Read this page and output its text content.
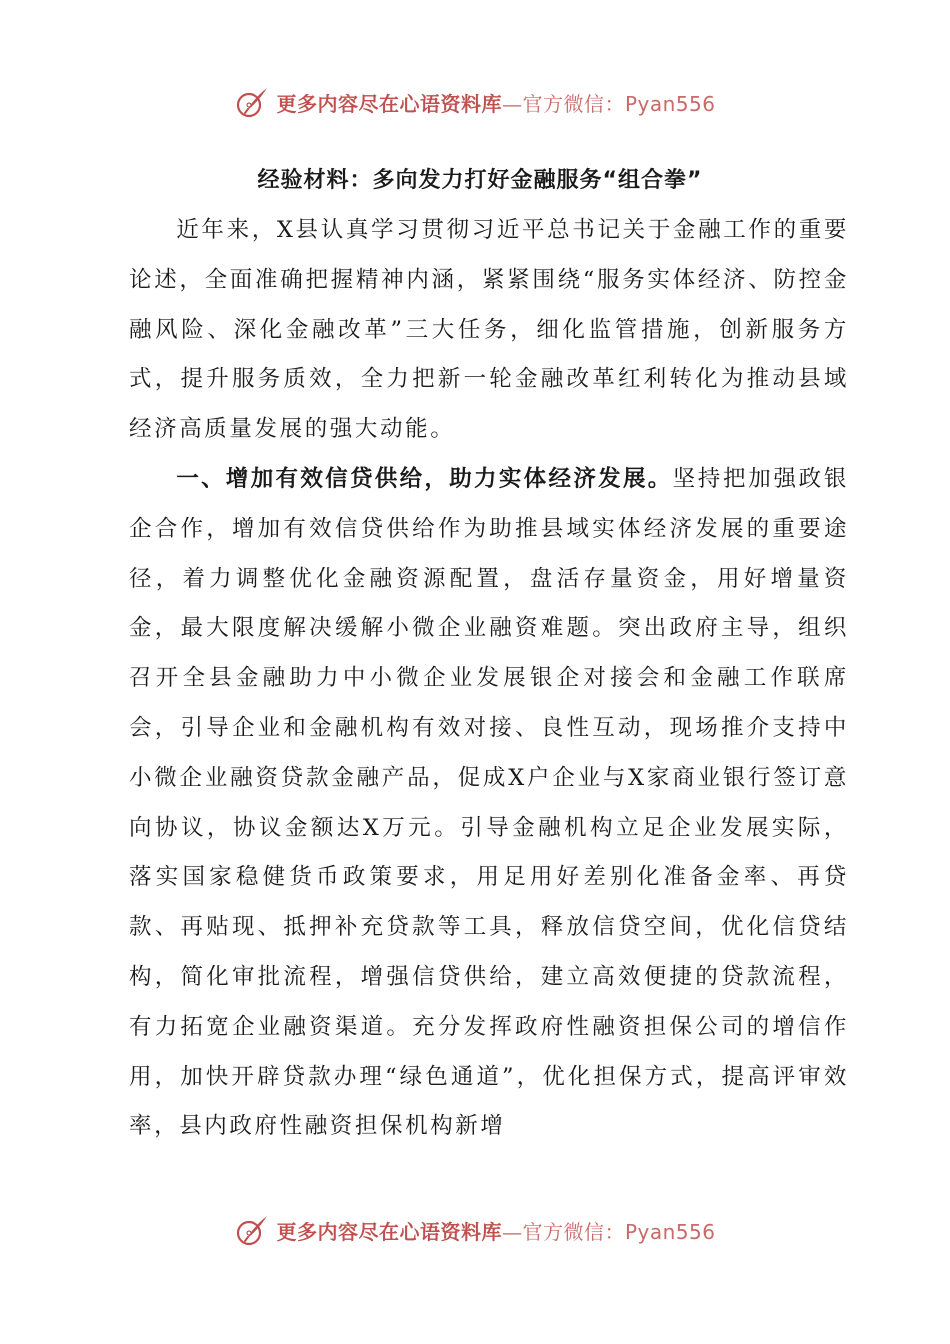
更多内容尽在心语资料库—官方微信：Pyan556
经验材料：多向发力打好金融服务“组合拳”

近年来，X县认真学习贯彻习近平总书记关于金融工作的重要论述，全面准确把握精神内涵，紧紧围绕“服务实体经济、防控金融风险、深化金融改革”三大任务，细化监管措施，创新服务方式，提升服务质效，全力把新一轮金融改革红利转化为推动县域经济高质量发展的强大动能。

一、增加有效信贷供给，助力实体经济发展。坚持把加强政银企合作，增加有效信贷供给作为助推县域实体经济发展的重要途径，着力调整优化金融资源配置，盘活存量资金，用好增量资金，最大限度解决缓解小微企业融资难题。突出政府主导，组织召开全县金融助力中小微企业发展银企对接会和金融工作联席会，引导企业和金融机构有效对接、良性互动，现场推介支持中小微企业融资贷款金融产品，促成X户企业与X家商业银行签订意向协议，协议金额达X万元。引导金融机构立足企业发展实际，落实国家稳健货币政策要求，用足用好差别化准备金率、再贷款、再贴现、抵押补充贷款等工具，释放信贷空间，优化信贷结构，简化审批流程，增强信贷供给，建立高效便捷的贷款流程，有力拓宽企业融资渠道。充分发挥政府性融资担保公司的增信作用，加快开辟贷款办理“绿色通道”，优化担保方式，提高评审效率，县内政府性融资担保机构新增

更多内容尽在心语资料库—官方微信：Pyan556
